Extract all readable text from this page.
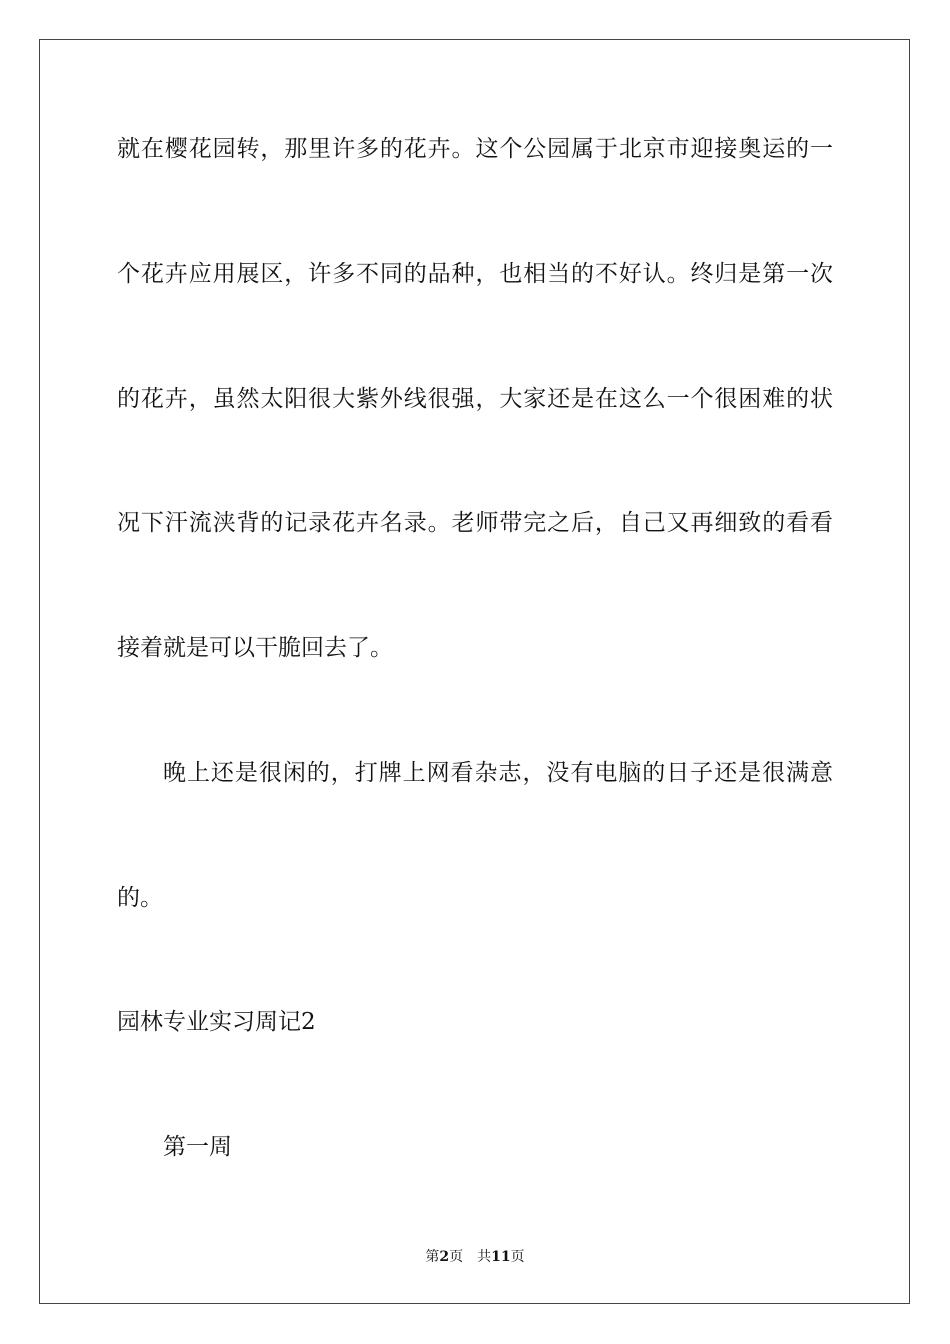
就在樱花园转，那里许多的花卉。这个公园属于北京市迎接奥运的一
个花卉应用展区，许多不同的品种，也相当的不好认。终归是第一次
的花卉，虽然太阳很大紫外线很强，大家还是在这么一个很困难的状
况下汗流浃背的记录花卉名录。老师带完之后，自己又再细致的看看
接着就是可以干脆回去了。
晚上还是很闲的，打牌上网看杂志，没有电脑的日子还是很满意
的。
园林专业实习周记2
第一周
第2页　共11页
